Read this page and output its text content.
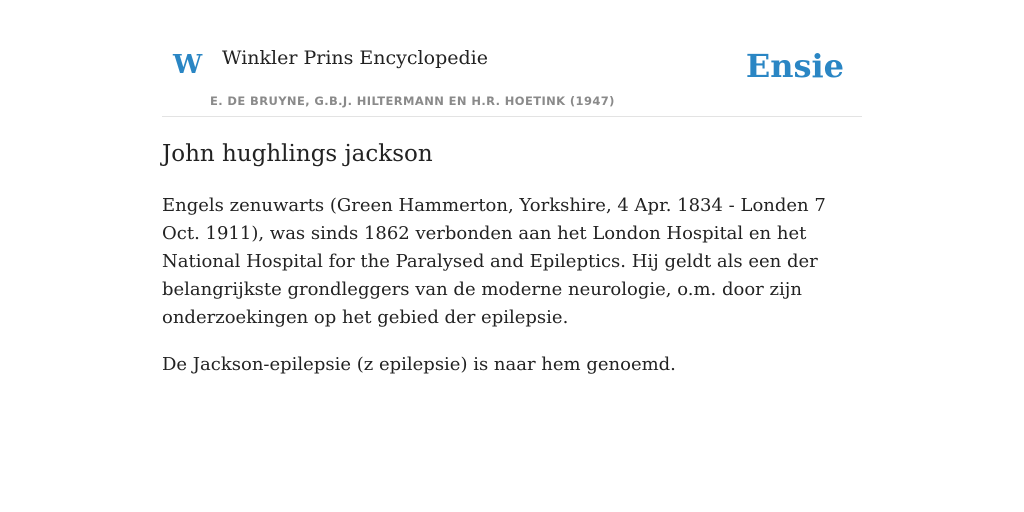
W Winkler Prins Encyclopedie
E. DE BRUYNE, G.B.J. HILTERMANN EN H.R. HOETINK (1947)
Ensie
John hughlings jackson

Engels zenuwarts (Green Hammerton, Yorkshire, 4 Apr. 1834 - Londen 7 Oct. 1911), was sinds 1862 verbonden aan het London Hospital en het National Hospital for the Paralysed and Epileptics. Hij geldt als een der belangrijkste grondleggers van de moderne neurologie, o.m. door zijn onderzoekingen op het gebied der epilepsie.

De Jackson-epilepsie (z epilepsie) is naar hem genoemd.
